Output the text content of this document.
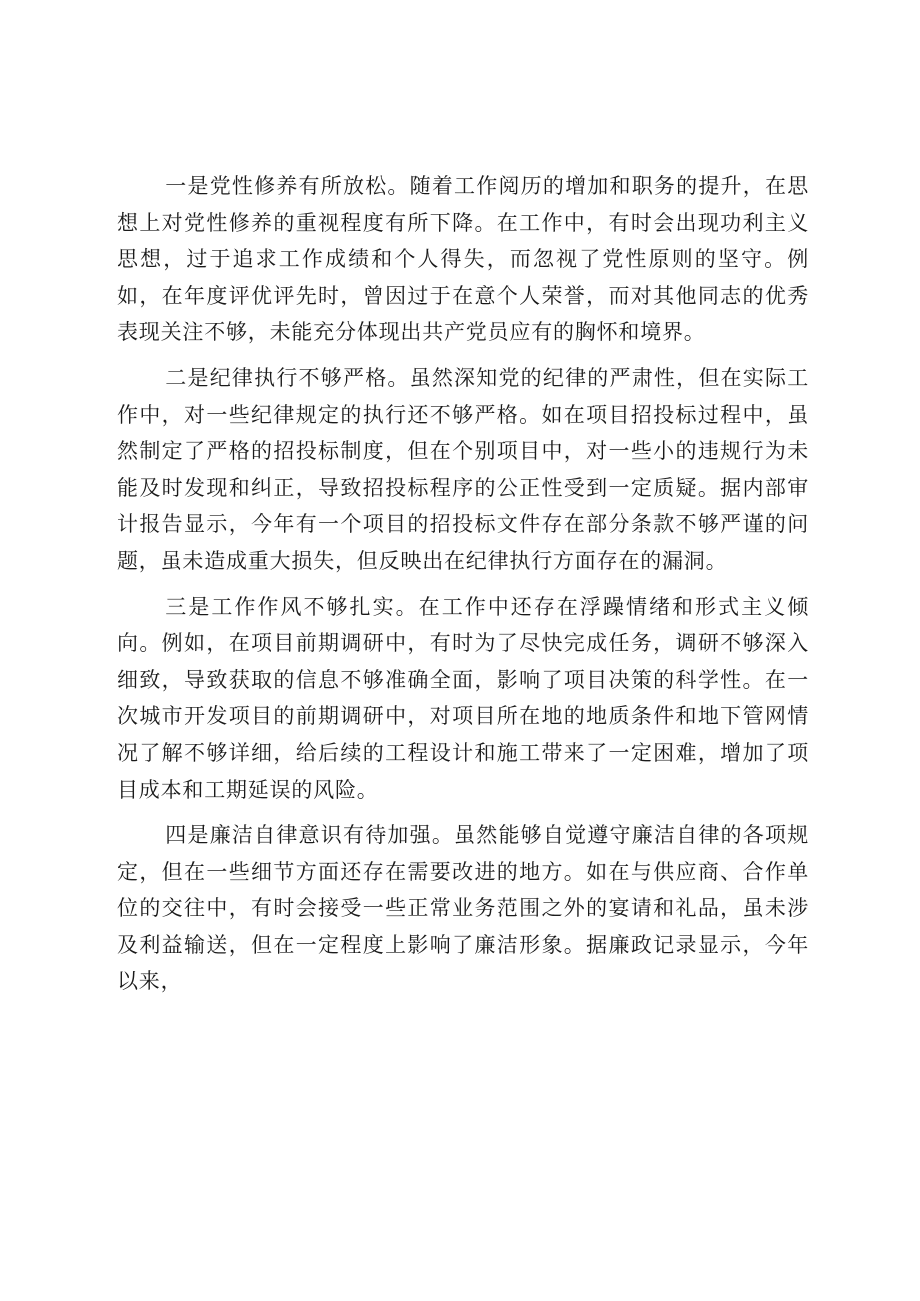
一是党性修养有所放松。随着工作阅历的增加和职务的提升，在思想上对党性修养的重视程度有所下降。在工作中，有时会出现功利主义思想，过于追求工作成绩和个人得失，而忽视了党性原则的坚守。例如，在年度评优评先时，曾因过于在意个人荣誉，而对其他同志的优秀表现关注不够，未能充分体现出共产党员应有的胸怀和境界。

二是纪律执行不够严格。虽然深知党的纪律的严肃性，但在实际工作中，对一些纪律规定的执行还不够严格。如在项目招投标过程中，虽然制定了严格的招投标制度，但在个别项目中，对一些小的违规行为未能及时发现和纠正，导致招投标程序的公正性受到一定质疑。据内部审计报告显示，今年有一个项目的招投标文件存在部分条款不够严谨的问题，虽未造成重大损失，但反映出在纪律执行方面存在的漏洞。

三是工作作风不够扎实。在工作中还存在浮躁情绪和形式主义倾向。例如，在项目前期调研中，有时为了尽快完成任务，调研不够深入细致，导致获取的信息不够准确全面，影响了项目决策的科学性。在一次城市开发项目的前期调研中，对项目所在地的地质条件和地下管网情况了解不够详细，给后续的工程设计和施工带来了一定困难，增加了项目成本和工期延误的风险。

四是廉洁自律意识有待加强。虽然能够自觉遵守廉洁自律的各项规定，但在一些细节方面还存在需要改进的地方。如在与供应商、合作单位的交往中，有时会接受一些正常业务范围之外的宴请和礼品，虽未涉及利益输送，但在一定程度上影响了廉洁形象。据廉政记录显示，今年以来，
